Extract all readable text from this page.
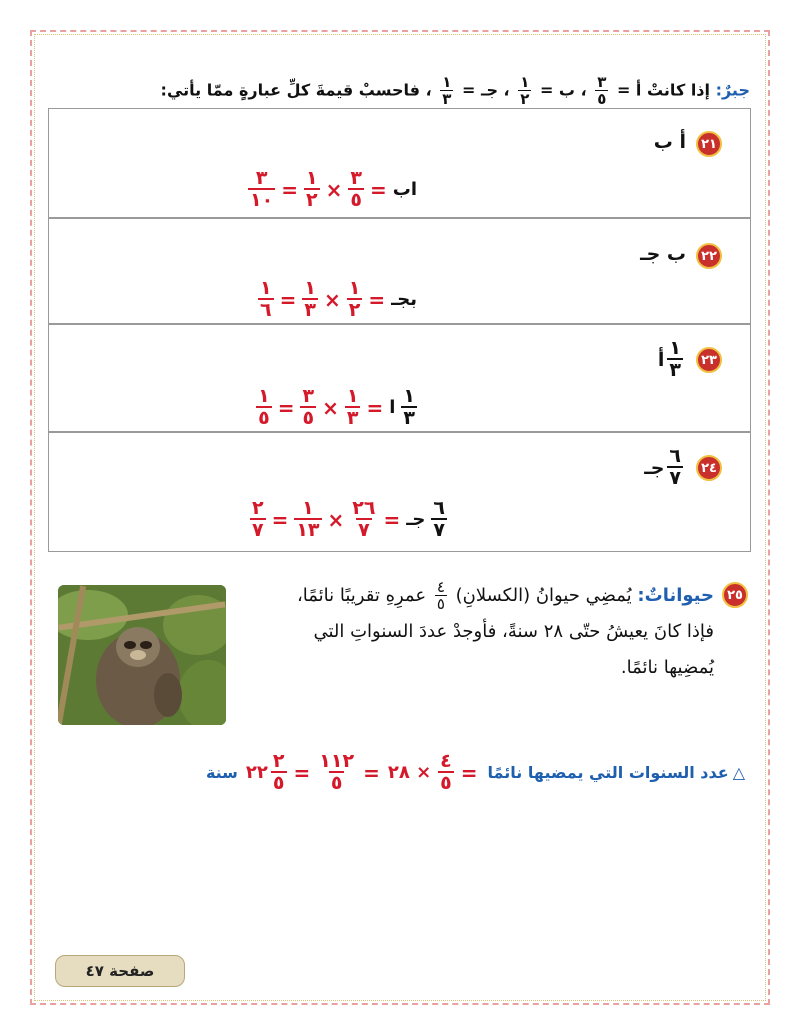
جبرٌ: إذا كانتْ أ =
$\frac{٣}{٥}$
، ب =
$\frac{١}{٢}$
، جـ =
$\frac{١}{٣}$
، فاحسبْ قيمةَ كلِّ عبارةٍ ممّا يأتي:
٢١
أ ب
اب
=
$\frac{٣}{٥}$
×
$\frac{١}{٢}$
=
$\frac{٣}{١٠}$
٢٢
ب جـ
بجـ
=
$\frac{١}{٢}$
×
$\frac{١}{٣}$
=
$\frac{١}{٦}$
٢٣
$\frac{١}{٣}$
أ
$\frac{١}{٣}$
ا
=
$\frac{١}{٣}$
×
$\frac{٣}{٥}$
=
$\frac{١}{٥}$
٢٤
$\frac{٦}{٧}$
جـ
$\frac{٦}{٧}$
جـ
=
$\frac{٢٦}{٧}$
×
$\frac{١}{١٣}$
=
$\frac{٢}{٧}$
٢٥
حيواناتٌ: يُمضِي حيوانُ (الكسلانِ)
$\frac{٤}{٥}$
عمرِهِ تقريبًا نائمًا،
فإذا كانَ يعيشُ حتّى ٢٨ سنةً، فأوجدْ عددَ السنواتِ التي
يُمضِيها نائمًا.
△
عدد السنوات التي يمضيها نائمًا
=
$\frac{٤}{٥}$
× ٢٨
=
$\frac{١١٢}{٥}$
=
$\frac{٢}{٥}$
٢٢
سنة
صفحة ٤٧
